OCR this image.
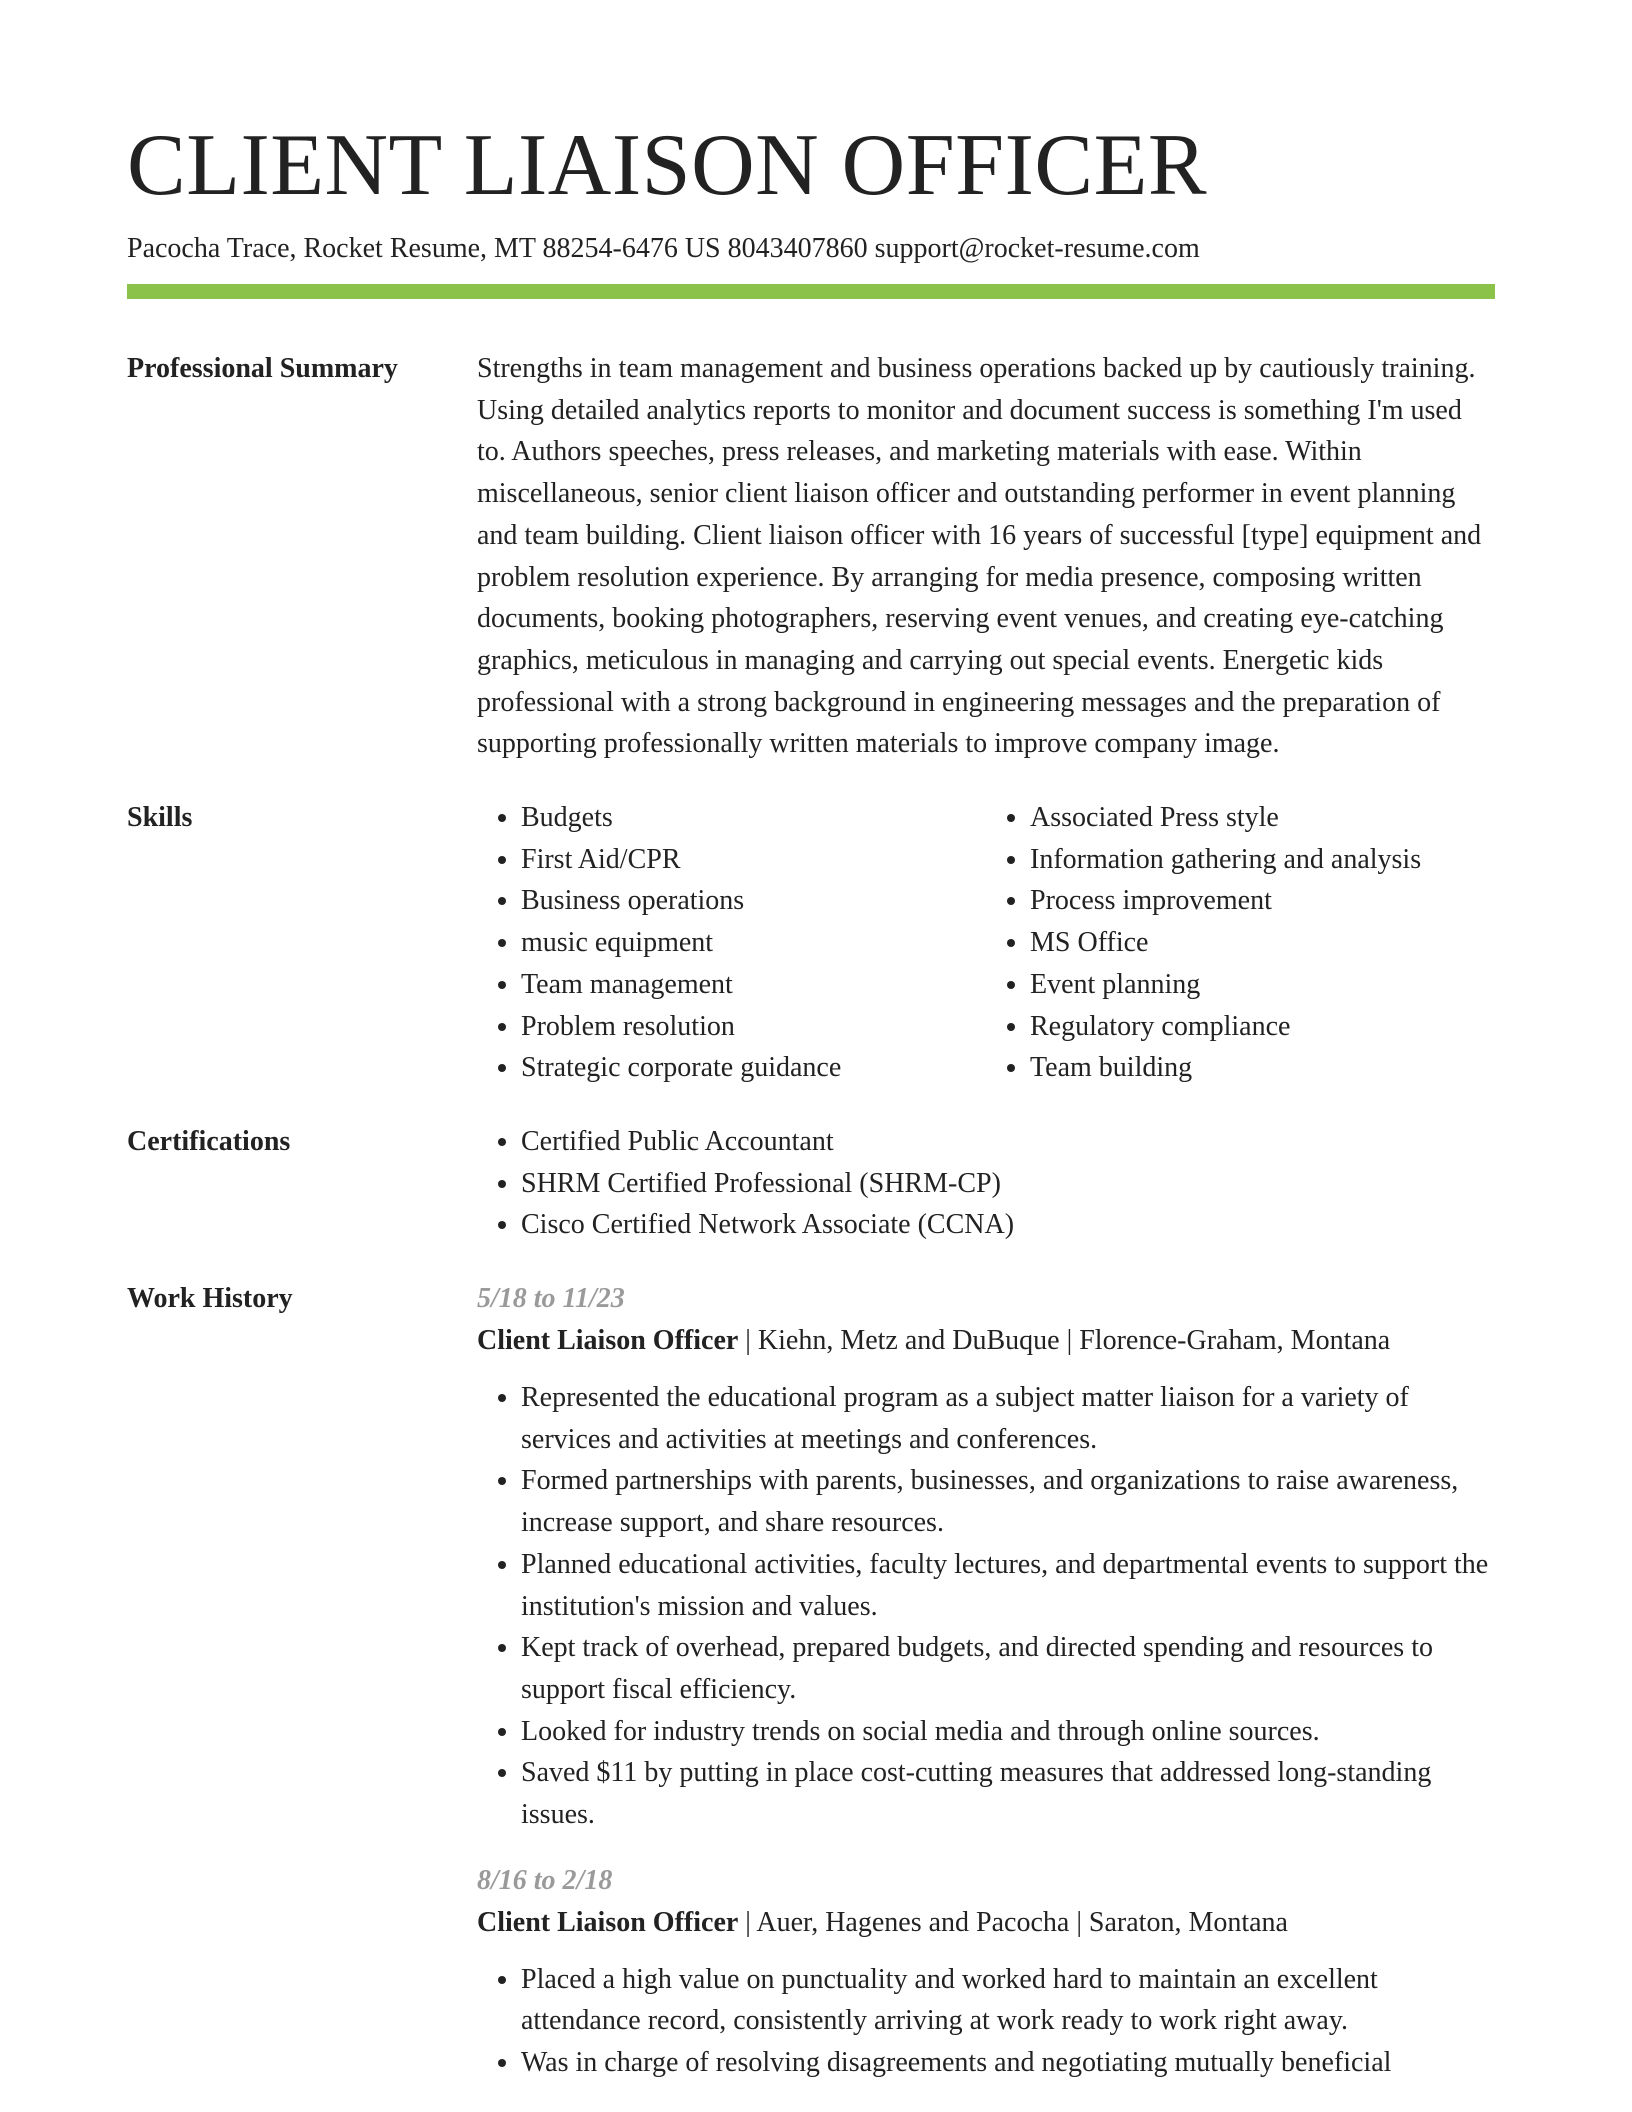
CLIENT LIAISON OFFICER
Pacocha Trace, Rocket Resume, MT 88254-6476 US 8043407860 support@rocket-resume.com
Professional Summary	Strengths in team management and business operations backed up by cautiously training. Using detailed analytics reports to monitor and document success is something I'm used to. Authors speeches, press releases, and marketing materials with ease. Within miscellaneous, senior client liaison officer and outstanding performer in event planning and team building. Client liaison officer with 16 years of successful [type] equipment and problem resolution experience. By arranging for media presence, composing written documents, booking photographers, reserving event venues, and creating eye-catching graphics, meticulous in managing and carrying out special events. Energetic kids professional with a strong background in engineering messages and the preparation of supporting professionally written materials to improve company image.

Skills	• Budgets
• First Aid/CPR
• Business operations
• music equipment
• Team management
• Problem resolution
• Strategic corporate guidance
• Associated Press style
• Information gathering and analysis
• Process improvement
• MS Office
• Event planning
• Regulatory compliance
• Team building
Certifications	• Certified Public Accountant
• SHRM Certified Professional (SHRM-CP)
• Cisco Certified Network Associate (CCNA)
Work History	5/18 to 11/23
Client Liaison Officer | Kiehn, Metz and DuBuque | Florence-Graham, Montana
• Represented the educational program as a subject matter liaison for a variety of services and activities at meetings and conferences.
• Formed partnerships with parents, businesses, and organizations to raise awareness, increase support, and share resources.
• Planned educational activities, faculty lectures, and departmental events to support the institution's mission and values.
• Kept track of overhead, prepared budgets, and directed spending and resources to support fiscal efficiency.
• Looked for industry trends on social media and through online sources.
• Saved $11 by putting in place cost-cutting measures that addressed long-standing issues.
8/16 to 2/18
Client Liaison Officer | Auer, Hagenes and Pacocha | Saraton, Montana
• Placed a high value on punctuality and worked hard to maintain an excellent attendance record, consistently arriving at work ready to work right away.
• Was in charge of resolving disagreements and negotiating mutually beneficial
